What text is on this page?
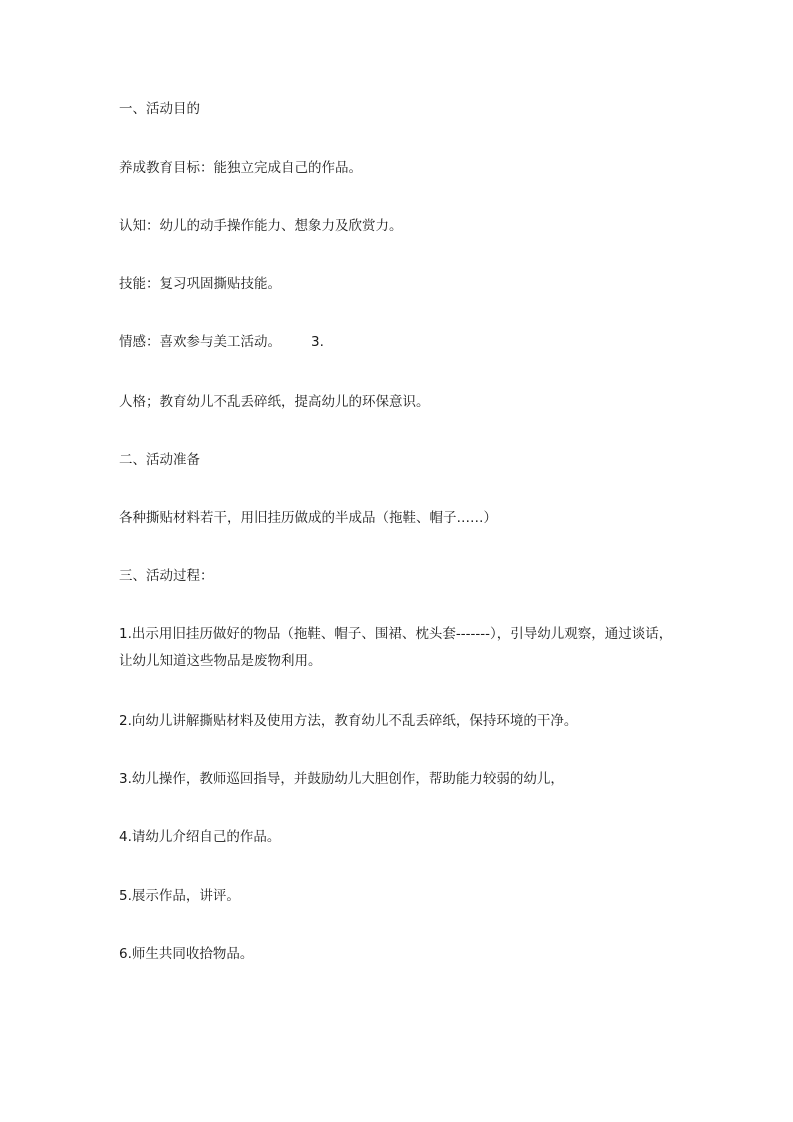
一、活动目的

养成教育目标：能独立完成自己的作品。

认知：幼儿的动手操作能力、想象力及欣赏力。

技能：复习巩固撕贴技能。

情感：喜欢参与美工活动。       3.

人格；教育幼儿不乱丢碎纸，提高幼儿的环保意识。

二、活动准备

各种撕贴材料若干，用旧挂历做成的半成品（拖鞋、帽子……）

三、活动过程：

1.出示用旧挂历做好的物品（拖鞋、帽子、围裙、枕头套-------），引导幼儿观察，通过谈话，让幼儿知道这些物品是废物利用。

2.向幼儿讲解撕贴材料及使用方法，教育幼儿不乱丢碎纸，保持环境的干净。

3.幼儿操作，教师巡回指导，并鼓励幼儿大胆创作，帮助能力较弱的幼儿，

4.请幼儿介绍自己的作品。

5.展示作品，讲评。

6.师生共同收拾物品。
